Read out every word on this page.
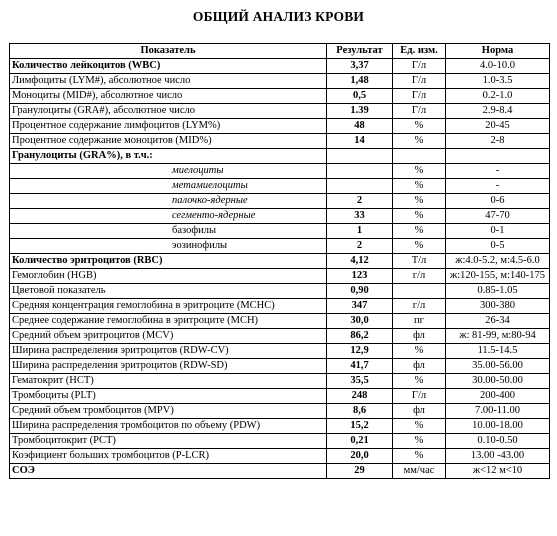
ОБЩИЙ АНАЛИЗ КРОВИ
Показатель	Результат	Ед. изм.	Норма
Количество лейкоцитов (WBC)	3,37	Г/л	4.0-10.0
Лимфоциты (LYM#), абсолютное число	1,48	Г/л	1.0-3.5
Моноциты (MID#), абсолютное число	0,5	Г/л	0.2-1.0
Гранулоциты (GRA#), абсолютное число	1.39	Г/л	2.9-8.4
Процентное содержание лимфоцитов (LYM%)	48	%	20-45
Процентное содержание моноцитов (MID%)	14	%	2-8
Гранулоциты (GRA%), в т.ч.:			
миелоциты		%	-
метамиелоциты		%	-
палочко-ядерные	2	%	0-6
сегменто-ядерные	33	%	47-70
базофилы	1	%	0-1
эозинофилы	2	%	0-5
Количество эритроцитов (RBC)	4,12	Т/л	ж:4.0-5.2, м:4.5-6.0
Гемоглобин (HGB)	123	г/л	ж:120-155, м:140-175
Цветовой показатель	0,90		0.85-1.05
Средняя концентрация гемоглобина в эритроците (MCHC)	347	г/л	300-380
Среднее содержание гемоглобина в эритроците (MCH)	30,0	пг	26-34
Средний объем эритроцитов (MCV)	86,2	фл	ж: 81-99, м:80-94
Ширина распределения эритроцитов (RDW-CV)	12,9	%	11.5-14.5
Ширина распределения эритроцитов (RDW-SD)	41,7	фл	35.00-56.00
Гематокрит (HCT)	35,5	%	30.00-50.00
Тромбоциты (PLT)	248	Г/л	200-400
Средний объем тромбоцитов (MPV)	8,6	фл	7.00-11.00
Ширина распределения тромбоцитов по объему (PDW)	15,2	%	10.00-18.00
Тромбоцитокрит (PCT)	0,21	%	0.10-0.50
Коэфициент больших тромбоцитов (P-LCR)	20,0	%	13.00 -43.00
СОЭ	29	мм/час	ж<12 м<10
